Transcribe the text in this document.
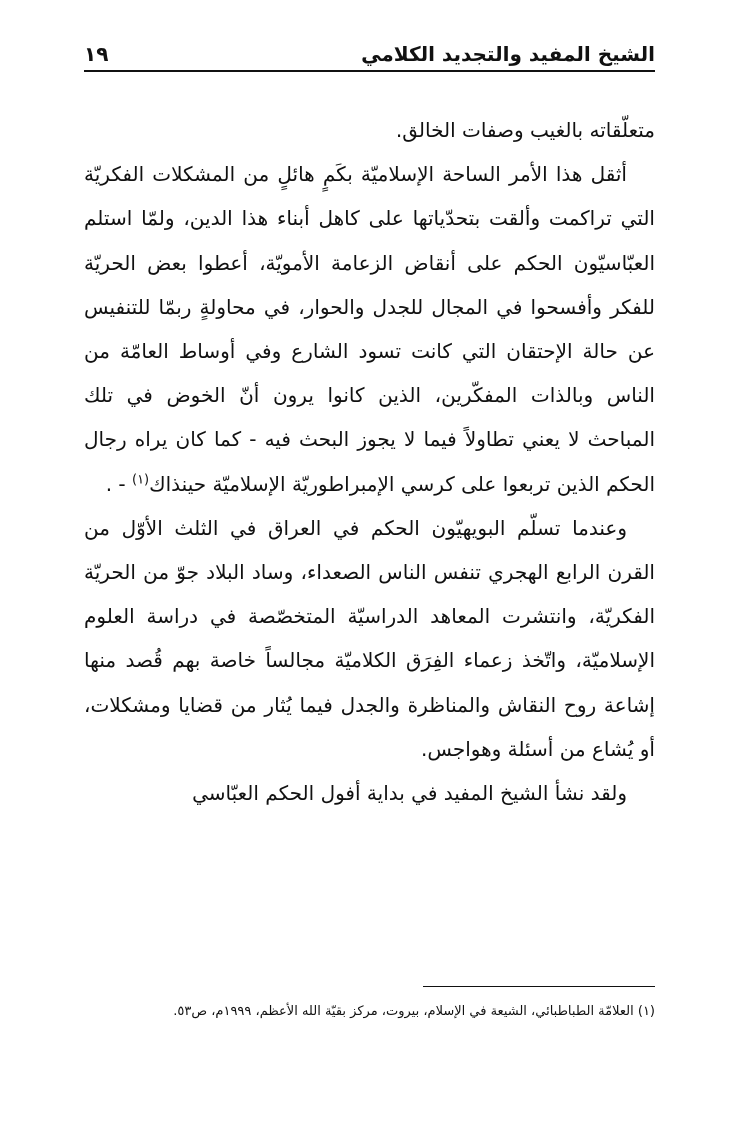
الشيخ المفيد والتجديد الكلامي
١٩

متعلّقاته بالغيب وصفات الخالق.

أثقل هذا الأمر الساحة الإسلاميّة بكَمٍ هائلٍ من المشكلات الفكريّة التي تراكمت وألقت بتحدّياتها على كاهل أبناء هذا الدين، ولمّا استلم العبّاسيّون الحكم على أنقاض الزعامة الأمويّة، أعطوا بعض الحريّة للفكر وأفسحوا في المجال للجدل والحوار، في محاولةٍ ربمّا للتنفيس عن حالة الإحتقان التي كانت تسود الشارع وفي أوساط العامّة من الناس وبالذات المفكّرين، الذين كانوا يرون أنّ الخوض في تلك المباحث لا يعني تطاولاً فيما لا يجوز البحث فيه - كما كان يراه رجال الحكم الذين تربعوا على كرسي الإمبراطوريّة الإسلاميّة حينذاك$^{(١)}$ - .

وعندما تسلّم البويهيّون الحكم في العراق في الثلث الأوّل من القرن الرابع الهجري تنفس الناس الصعداء، وساد البلاد جوّ من الحريّة الفكريّة، وانتشرت المعاهد الدراسيّة المتخصّصة في دراسة العلوم الإسلاميّة، واتّخذ زعماء الفِرَق الكلاميّة مجالساً خاصة بهم قُصد منها إشاعة روح النقاش والمناظرة والجدل فيما يُثار من قضايا ومشكلات، أو يُشاع من أسئلة وهواجس.

ولقد نشأ الشيخ المفيد في بداية أفول الحكم العبّاسي

(١) العلامّة الطباطبائي، الشيعة في الإسلام، بيروت، مركز بقيّة الله الأعظم، ١٩٩٩م، ص٥٣.
